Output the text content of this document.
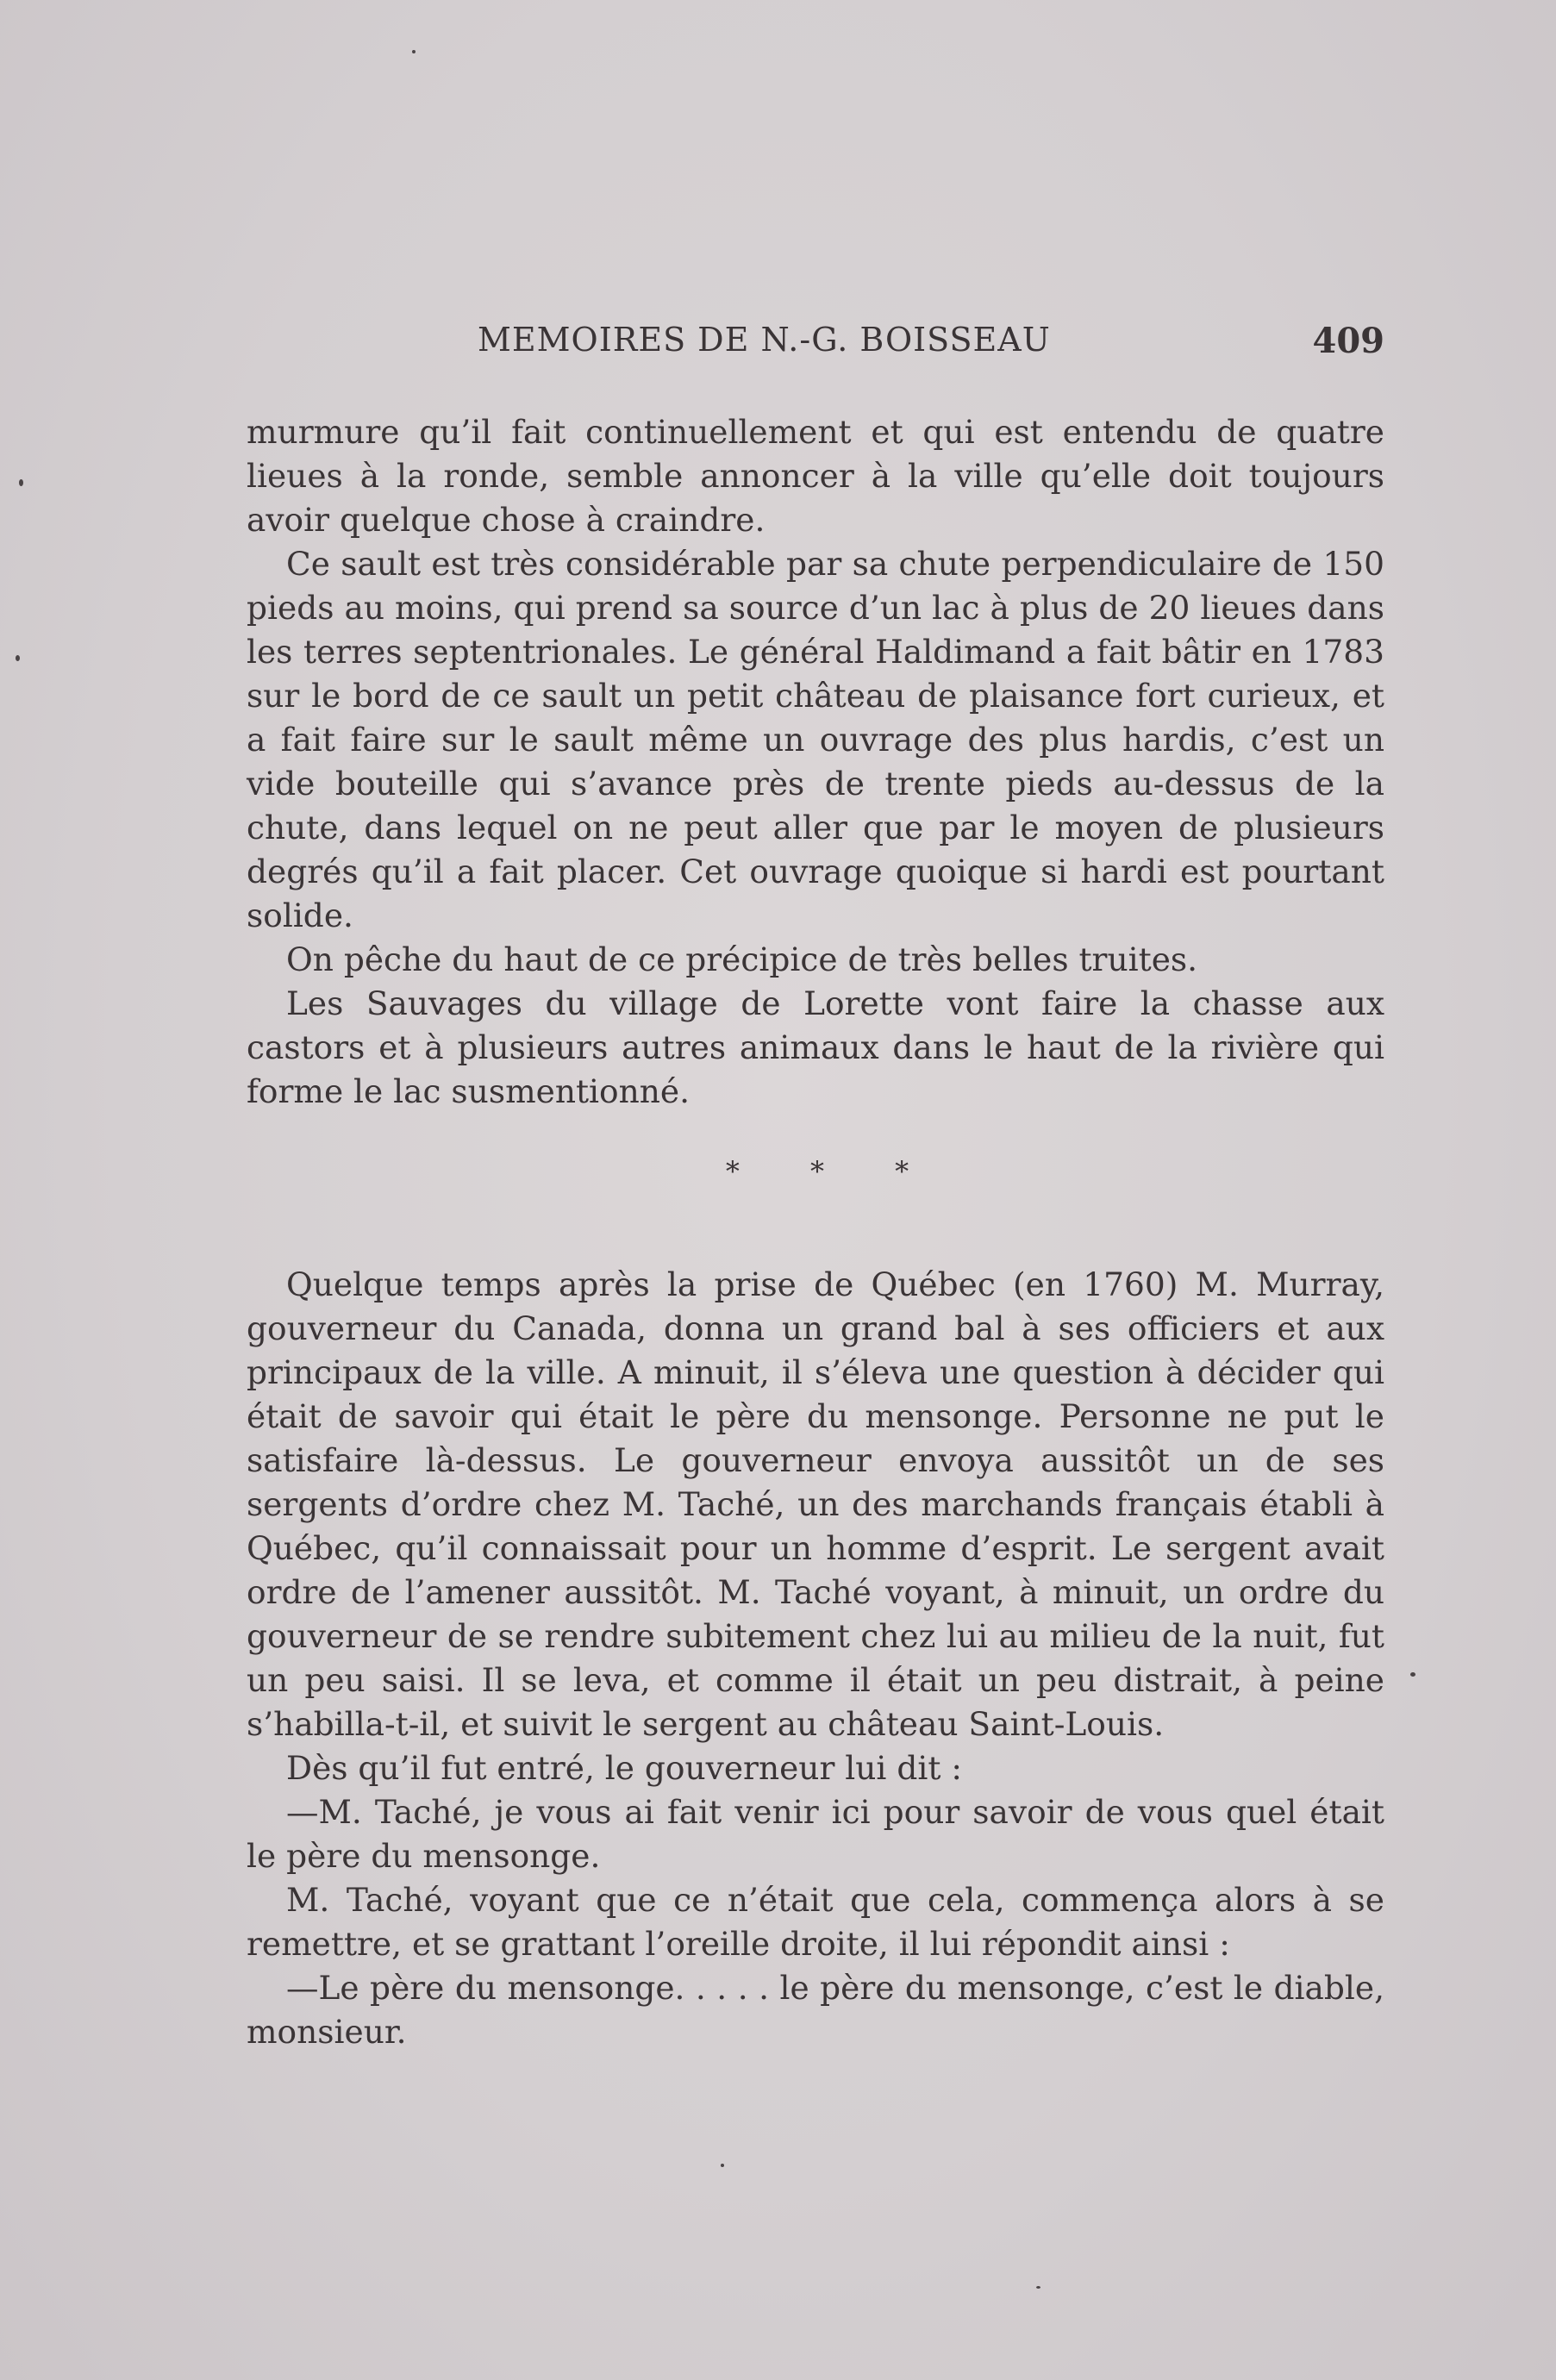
MEMOIRES DE N.-G. BOISSEAU	409

murmure qu’il fait continuellement et qui est entendu de quatre lieues à la ronde, semble annoncer à la ville qu’elle doit toujours avoir quelque chose à craindre.

Ce sault est très considérable par sa chute perpendiculaire de 150 pieds au moins, qui prend sa source d’un lac à plus de 20 lieues dans les terres septentrionales. Le général Haldimand a fait bâtir en 1783 sur le bord de ce sault un petit château de plaisance fort curieux, et a fait faire sur le sault même un ouvrage des plus hardis, c’est un vide bouteille qui s’avance près de trente pieds au-dessus de la chute, dans lequel on ne peut aller que par le moyen de plusieurs degrés qu’il a fait placer. Cet ouvrage quoique si hardi est pourtant solide.

On pêche du haut de ce précipice de très belles truites.

Les Sauvages du village de Lorette vont faire la chasse aux castors et à plusieurs autres animaux dans le haut de la rivière qui forme le lac susmentionné.

* * *

Quelque temps après la prise de Québec (en 1760) M. Murray, gouverneur du Canada, donna un grand bal à ses officiers et aux principaux de la ville. A minuit, il s’éleva une question à décider qui était de savoir qui était le père du mensonge. Personne ne put le satisfaire là-dessus. Le gouverneur envoya aussitôt un de ses sergents d’ordre chez M. Taché, un des marchands français établi à Québec, qu’il connaissait pour un homme d’esprit. Le sergent avait ordre de l’amener aussitôt. M. Taché voyant, à minuit, un ordre du gouverneur de se rendre subitement chez lui au milieu de la nuit, fut un peu saisi. Il se leva, et comme il était un peu distrait, à peine s’habilla-t-il, et suivit le sergent au château Saint-Louis.

Dès qu’il fut entré, le gouverneur lui dit :

—M. Taché, je vous ai fait venir ici pour savoir de vous quel était le père du mensonge.

M. Taché, voyant que ce n’était que cela, commença alors à se remettre, et se grattant l’oreille droite, il lui répondit ainsi :

—Le père du mensonge. . . . . le père du mensonge, c’est le diable, monsieur.
